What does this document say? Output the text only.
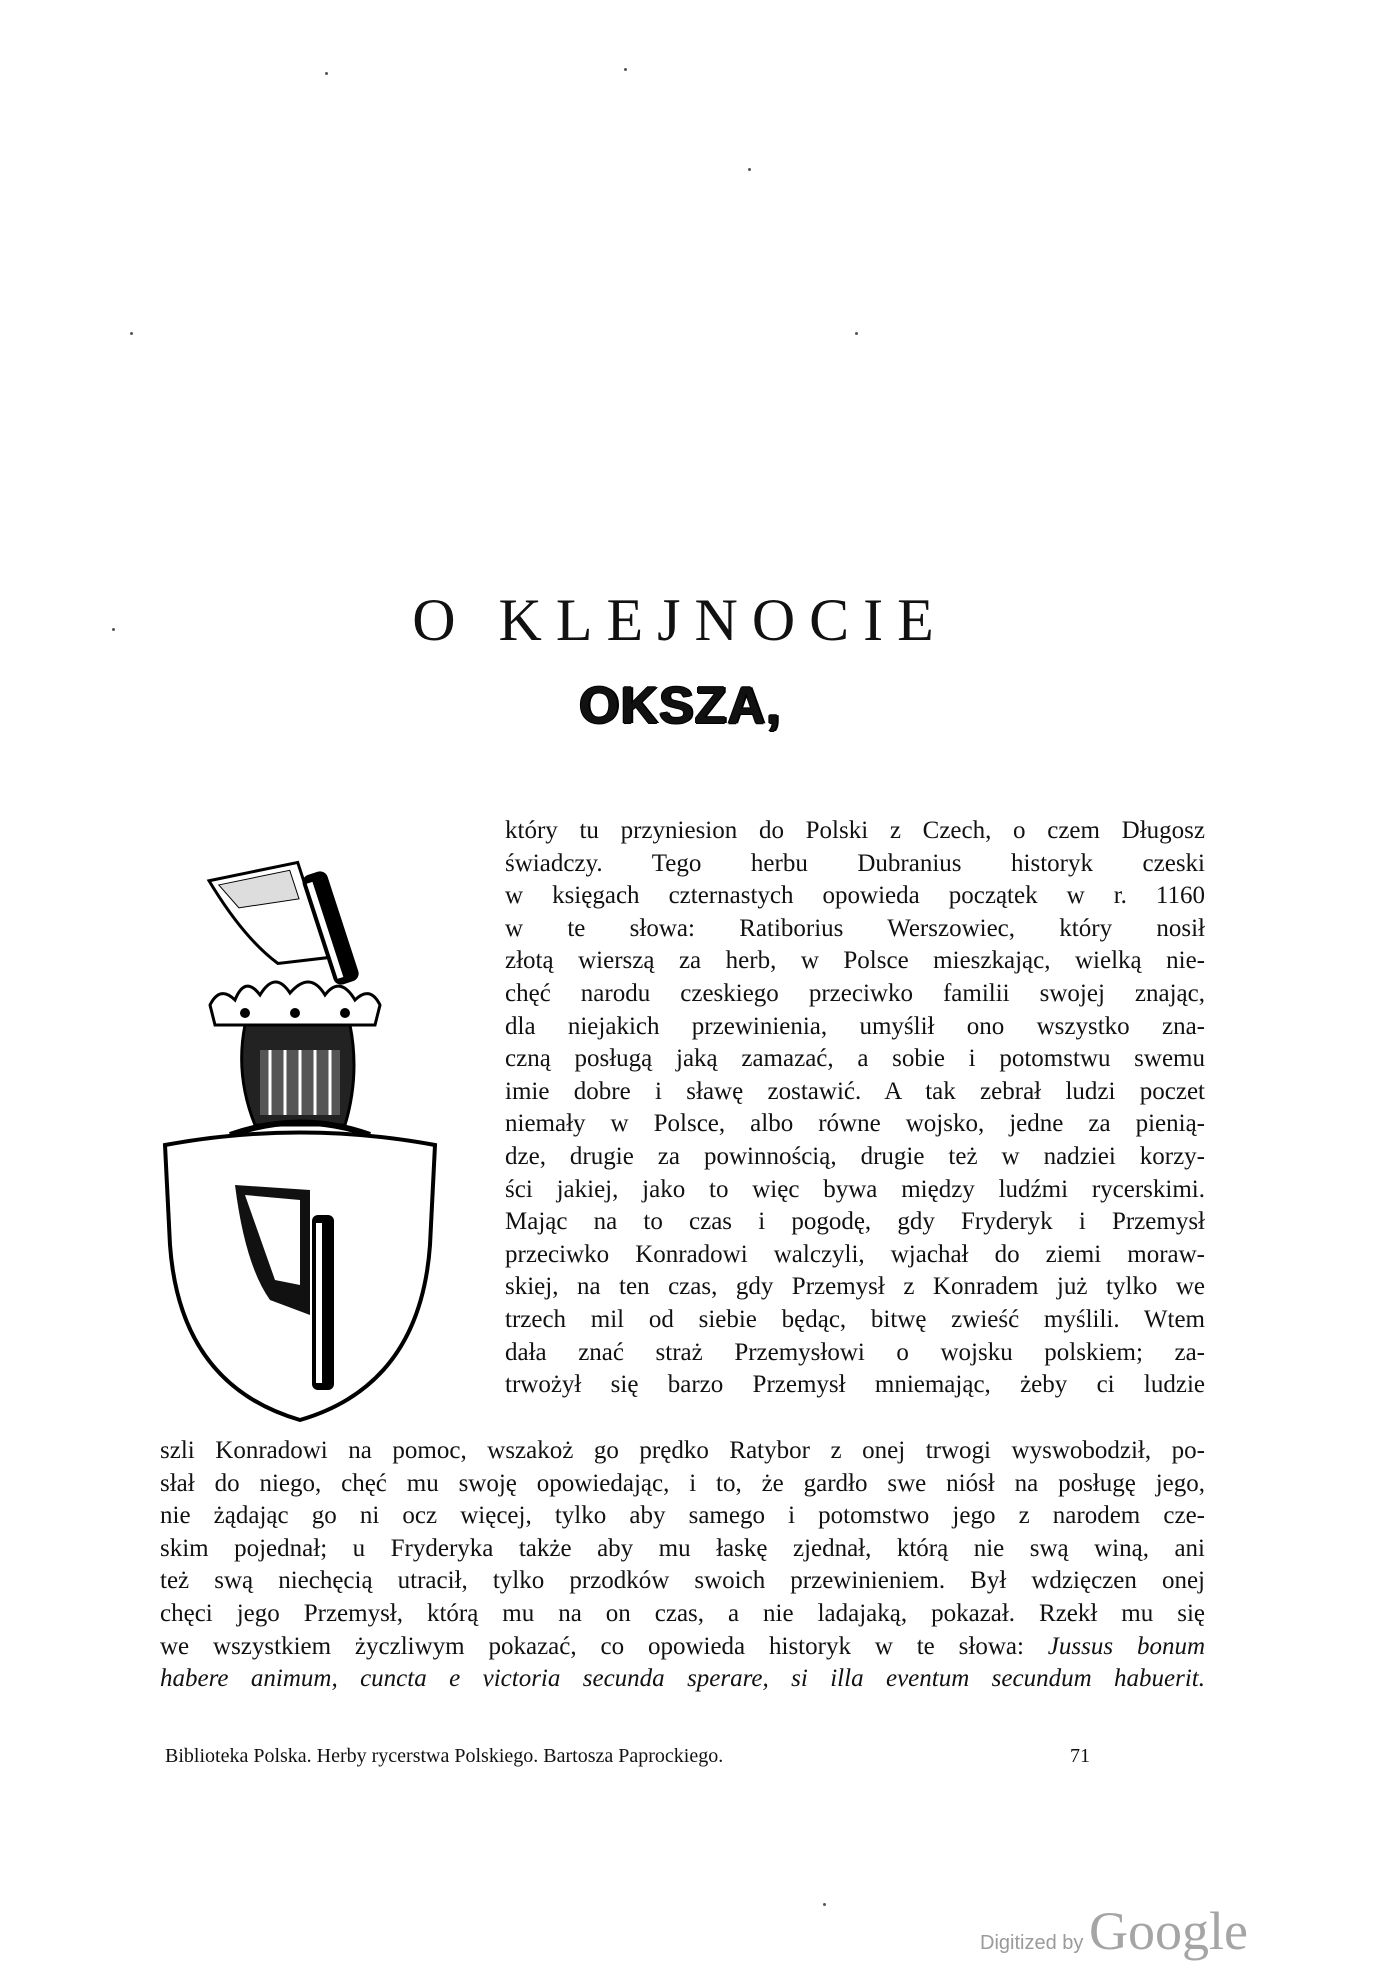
O KLEJNOCIE
OKSZA,
który tu przyniesion do Polski z Czech, o czem Długosz
świadczy. Tego herbu Dubranius historyk czeski
w księgach czternastych opowieda początek w r. 1160
w te słowa: Ratiborius Werszowiec, który nosił
złotą wierszą za herb, w Polsce mieszkając, wielką nie-
chęć narodu czeskiego przeciwko familii swojej znając,
dla niejakich przewinienia, umyślił ono wszystko zna-
czną posługą jaką zamazać, a sobie i potomstwu swemu
imie dobre i sławę zostawić. A tak zebrał ludzi poczet
niemały w Polsce, albo równe wojsko, jedne za pienią-
dze, drugie za powinnością, drugie też w nadziei korzy-
ści jakiej, jako to więc bywa między ludźmi rycerskimi.
Mając na to czas i pogodę, gdy Fryderyk i Przemysł
przeciwko Konradowi walczyli, wjachał do ziemi moraw-
skiej, na ten czas, gdy Przemysł z Konradem już tylko we
trzech mil od siebie będąc, bitwę zwieść myślili. Wtem
dała znać straż Przemysłowi o wojsku polskiem; za-
trwożył się barzo Przemysł mniemając, żeby ci ludzie
szli Konradowi na pomoc, wszakoż go prędko Ratybor z onej trwogi wyswobodził, po-
słał do niego, chęć mu swoję opowiedając, i to, że gardło swe niósł na posługę jego,
nie żądając go ni ocz więcej, tylko aby samego i potomstwo jego z narodem cze-
skim pojednał; u Fryderyka także aby mu łaskę zjednał, którą nie swą winą, ani
też swą niechęcią utracił, tylko przodków swoich przewinieniem. Był wdzięczen onej
chęci jego Przemysł, którą mu na on czas, a nie ladajaką, pokazał. Rzekł mu się
we wszystkiem życzliwym pokazać, co opowieda historyk w te słowa: Jussus bonum
habere animum, cuncta e victoria secunda sperare, si illa eventum secundum habuerit.
Biblioteka Polska. Herby rycerstwa Polskiego. Bartosza Paprockiego.	71
Digitized by Google
